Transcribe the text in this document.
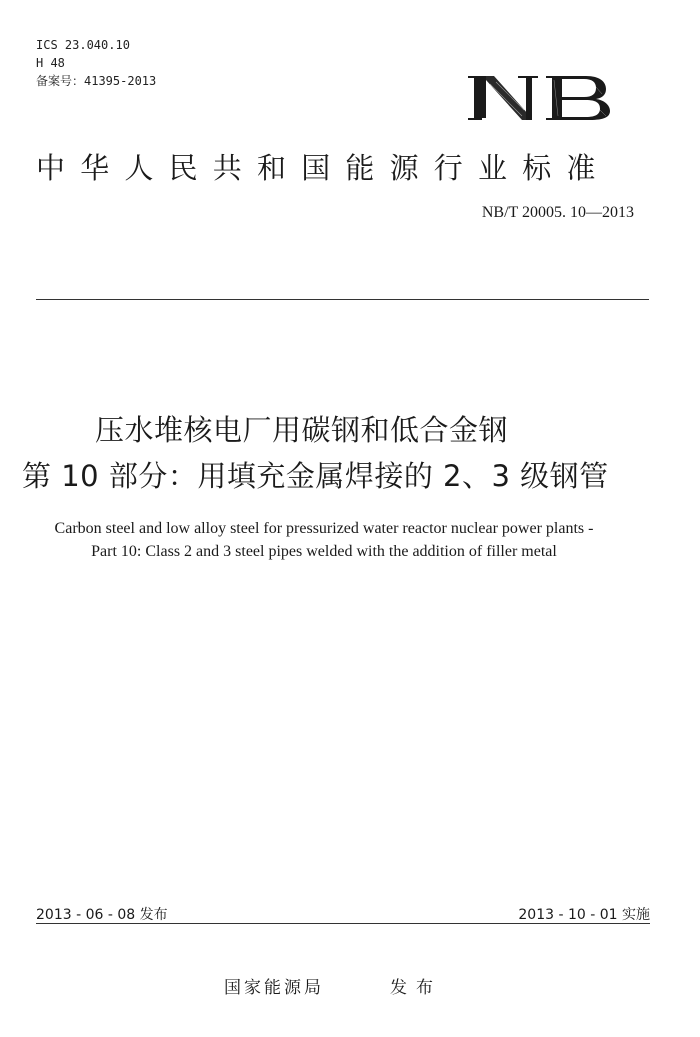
ICS 23.040.10
H 48
备案号：41395-2013
中华人民共和国能源行业标准
NB/T 20005. 10—2013
压水堆核电厂用碳钢和低合金钢
第 10 部分：用填充金属焊接的 2、3 级钢管
Carbon steel and low alloy steel for pressurized water reactor nuclear power plants -
Part 10: Class 2 and 3 steel pipes welded with the addition of filler metal
2013 - 06 - 08 发布	2013 - 10 - 01 实施
国家能源局	发布
